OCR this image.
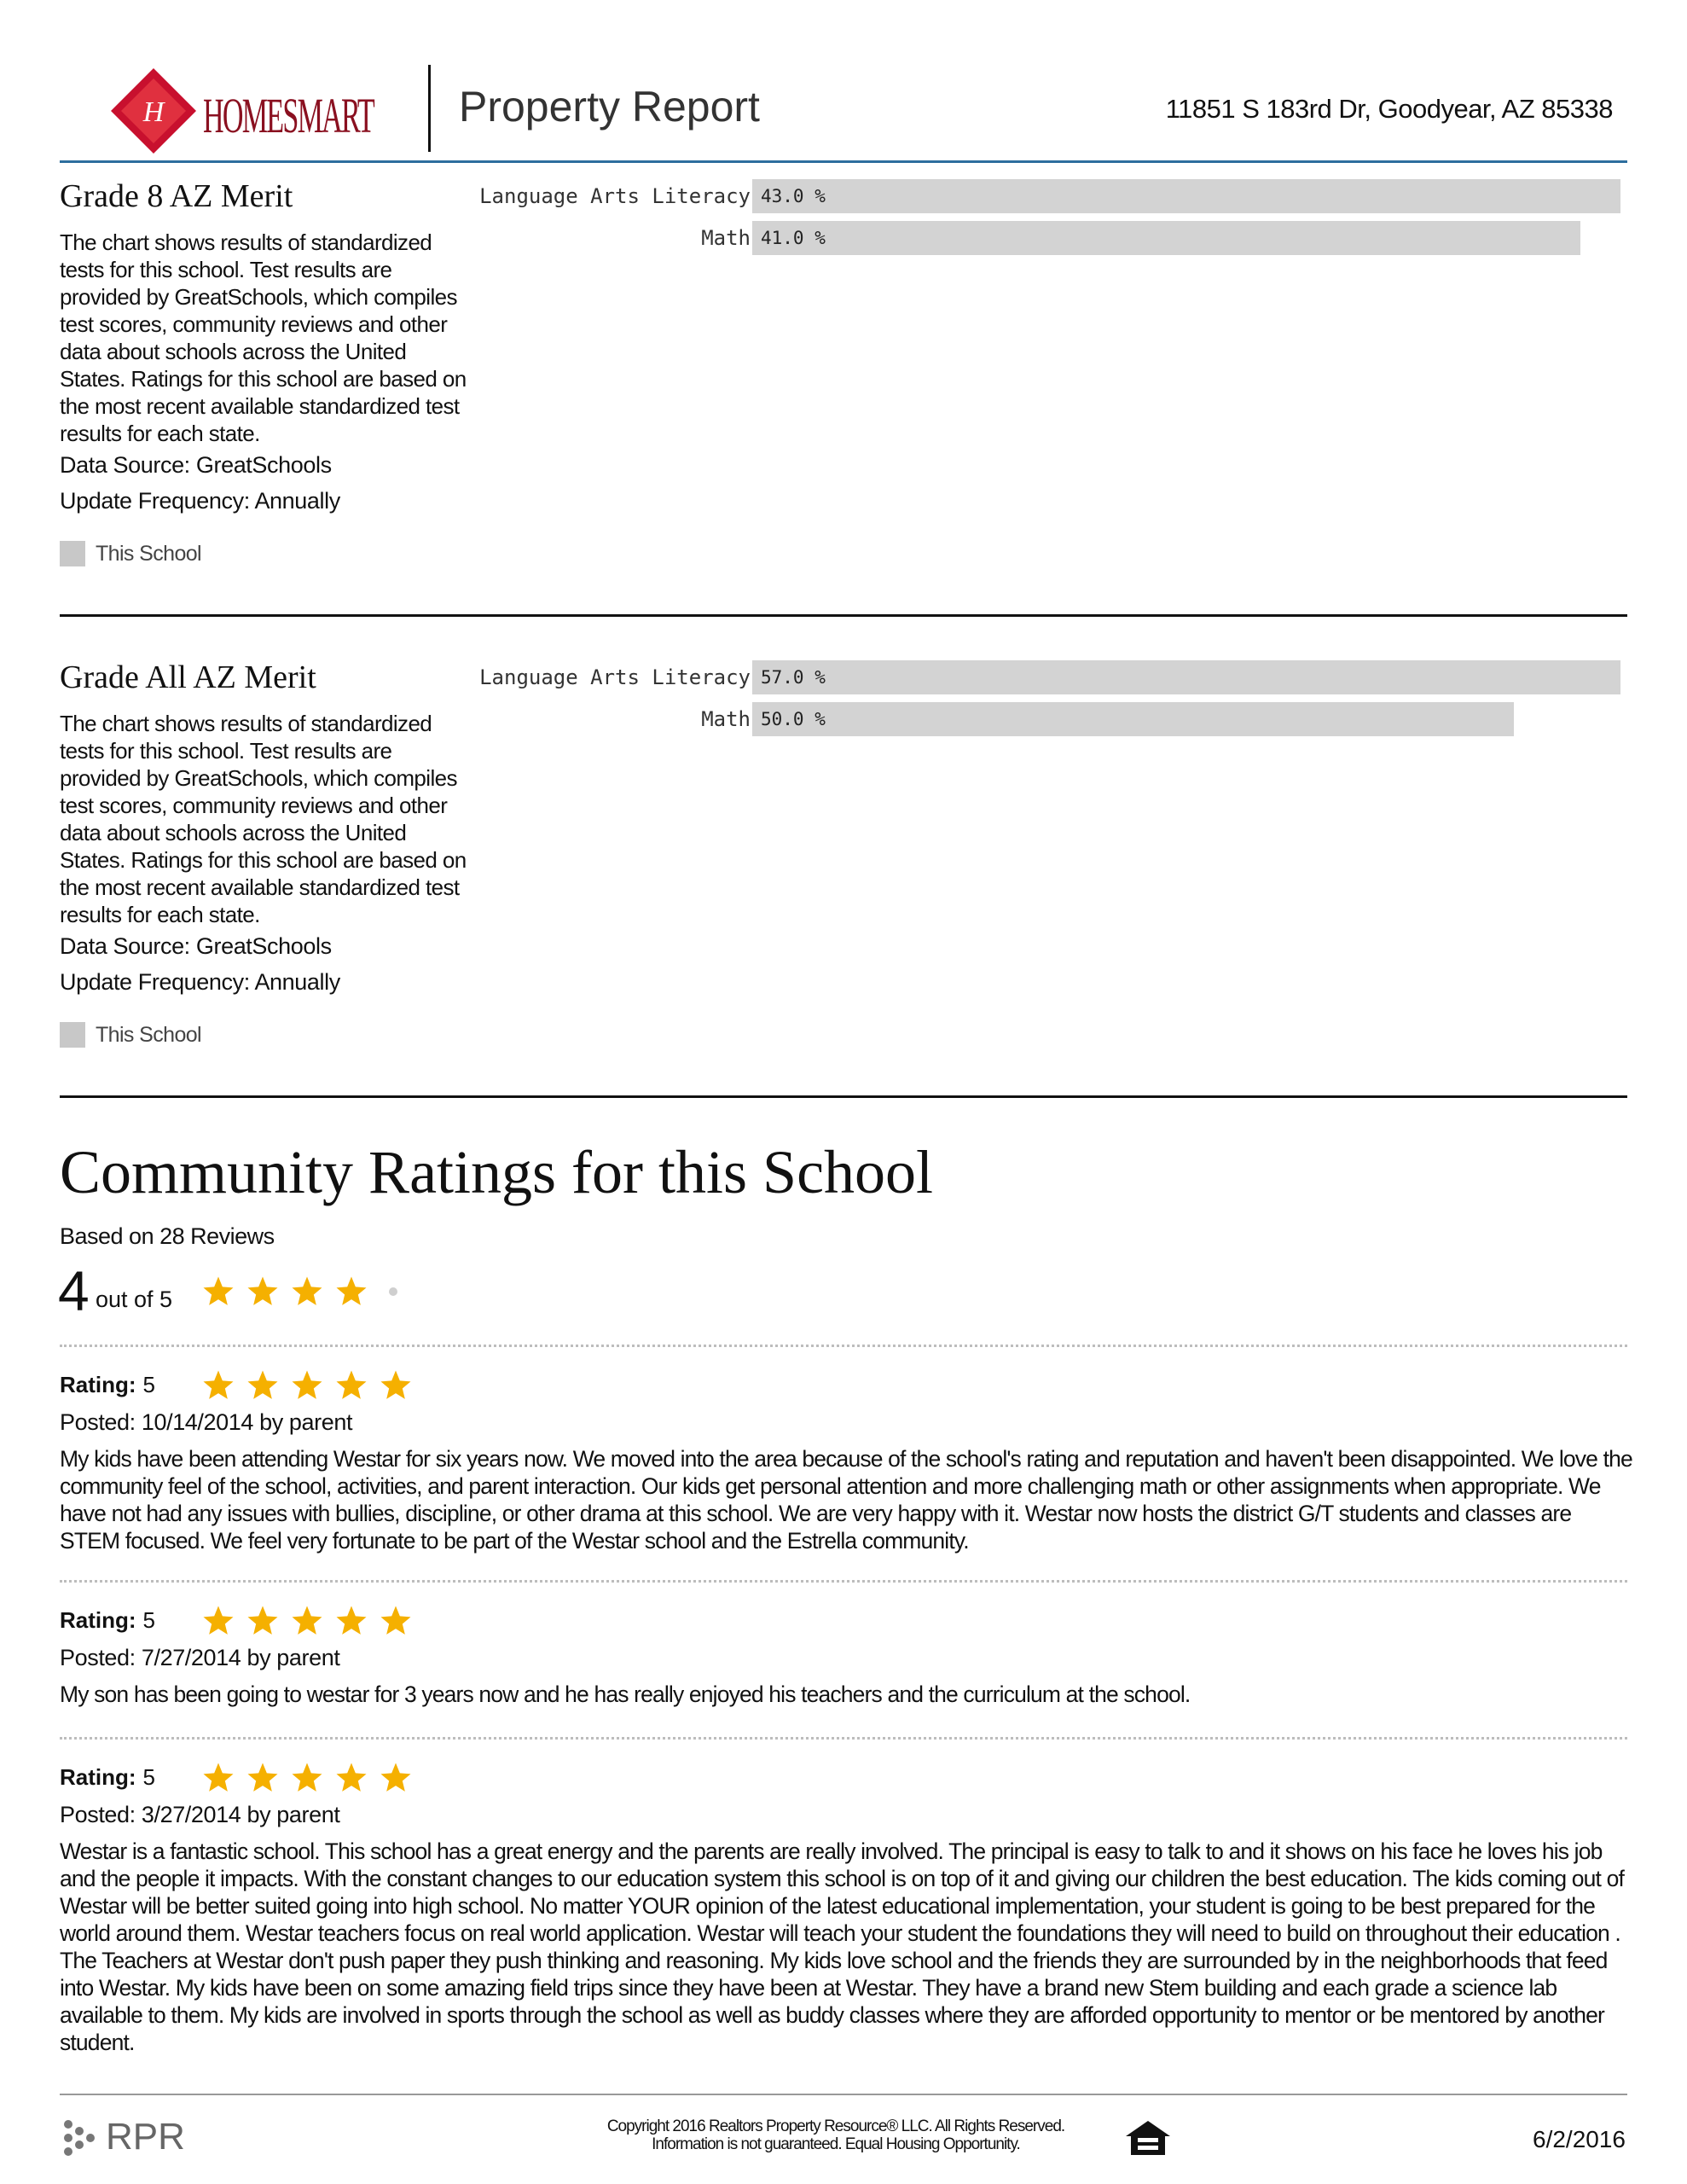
H HOMESMART Property Report	11851 S 183rd Dr, Goodyear, AZ 85338
Grade 8 AZ Merit
The chart shows results of standardized tests for this school. Test results are provided by GreatSchools, which compiles test scores, community reviews and other data about schools across the United States. Ratings for this school are based on the most recent available standardized test results for each state.
Data Source: GreatSchools
Update Frequency: Annually
This School
Language Arts Literacy 43.0 %
Math 41.0 %
Grade All AZ Merit
The chart shows results of standardized tests for this school. Test results are provided by GreatSchools, which compiles test scores, community reviews and other data about schools across the United States. Ratings for this school are based on the most recent available standardized test results for each state.
Data Source: GreatSchools
Update Frequency: Annually
This School
Language Arts Literacy 57.0 %
Math 50.0 %
Community Ratings for this School
Based on 28 Reviews
4 out of 5
Rating: 5
Posted: 10/14/2014 by parent
My kids have been attending Westar for six years now. We moved into the area because of the school's rating and reputation and haven't been disappointed. We love the community feel of the school, activities, and parent interaction. Our kids get personal attention and more challenging math or other assignments when appropriate. We have not had any issues with bullies, discipline, or other drama at this school. We are very happy with it. Westar now hosts the district G/T students and classes are STEM focused. We feel very fortunate to be part of the Westar school and the Estrella community.
Rating: 5
Posted: 7/27/2014 by parent
My son has been going to westar for 3 years now and he has really enjoyed his teachers and the curriculum at the school.
Rating: 5
Posted: 3/27/2014 by parent
Westar is a fantastic school. This school has a great energy and the parents are really involved. The principal is easy to talk to and it shows on his face he loves his job and the people it impacts. With the constant changes to our education system this school is on top of it and giving our children the best education. The kids coming out of Westar will be better suited going into high school. No matter YOUR opinion of the latest educational implementation, your student is going to be best prepared for the world around them. Westar teachers focus on real world application. Westar will teach your student the foundations they will need to build on throughout their education . The Teachers at Westar don't push paper they push thinking and reasoning. My kids love school and the friends they are surrounded by in the neighborhoods that feed into Westar. My kids have been on some amazing field trips since they have been at Westar. They have a brand new Stem building and each grade a science lab available to them. My kids are involved in sports through the school as well as buddy classes where they are afforded opportunity to mentor or be mentored by another student.
RPR	Copyright 2016 Realtors Property Resource® LLC. All Rights Reserved.
Information is not guaranteed. Equal Housing Opportunity.	6/2/2016
